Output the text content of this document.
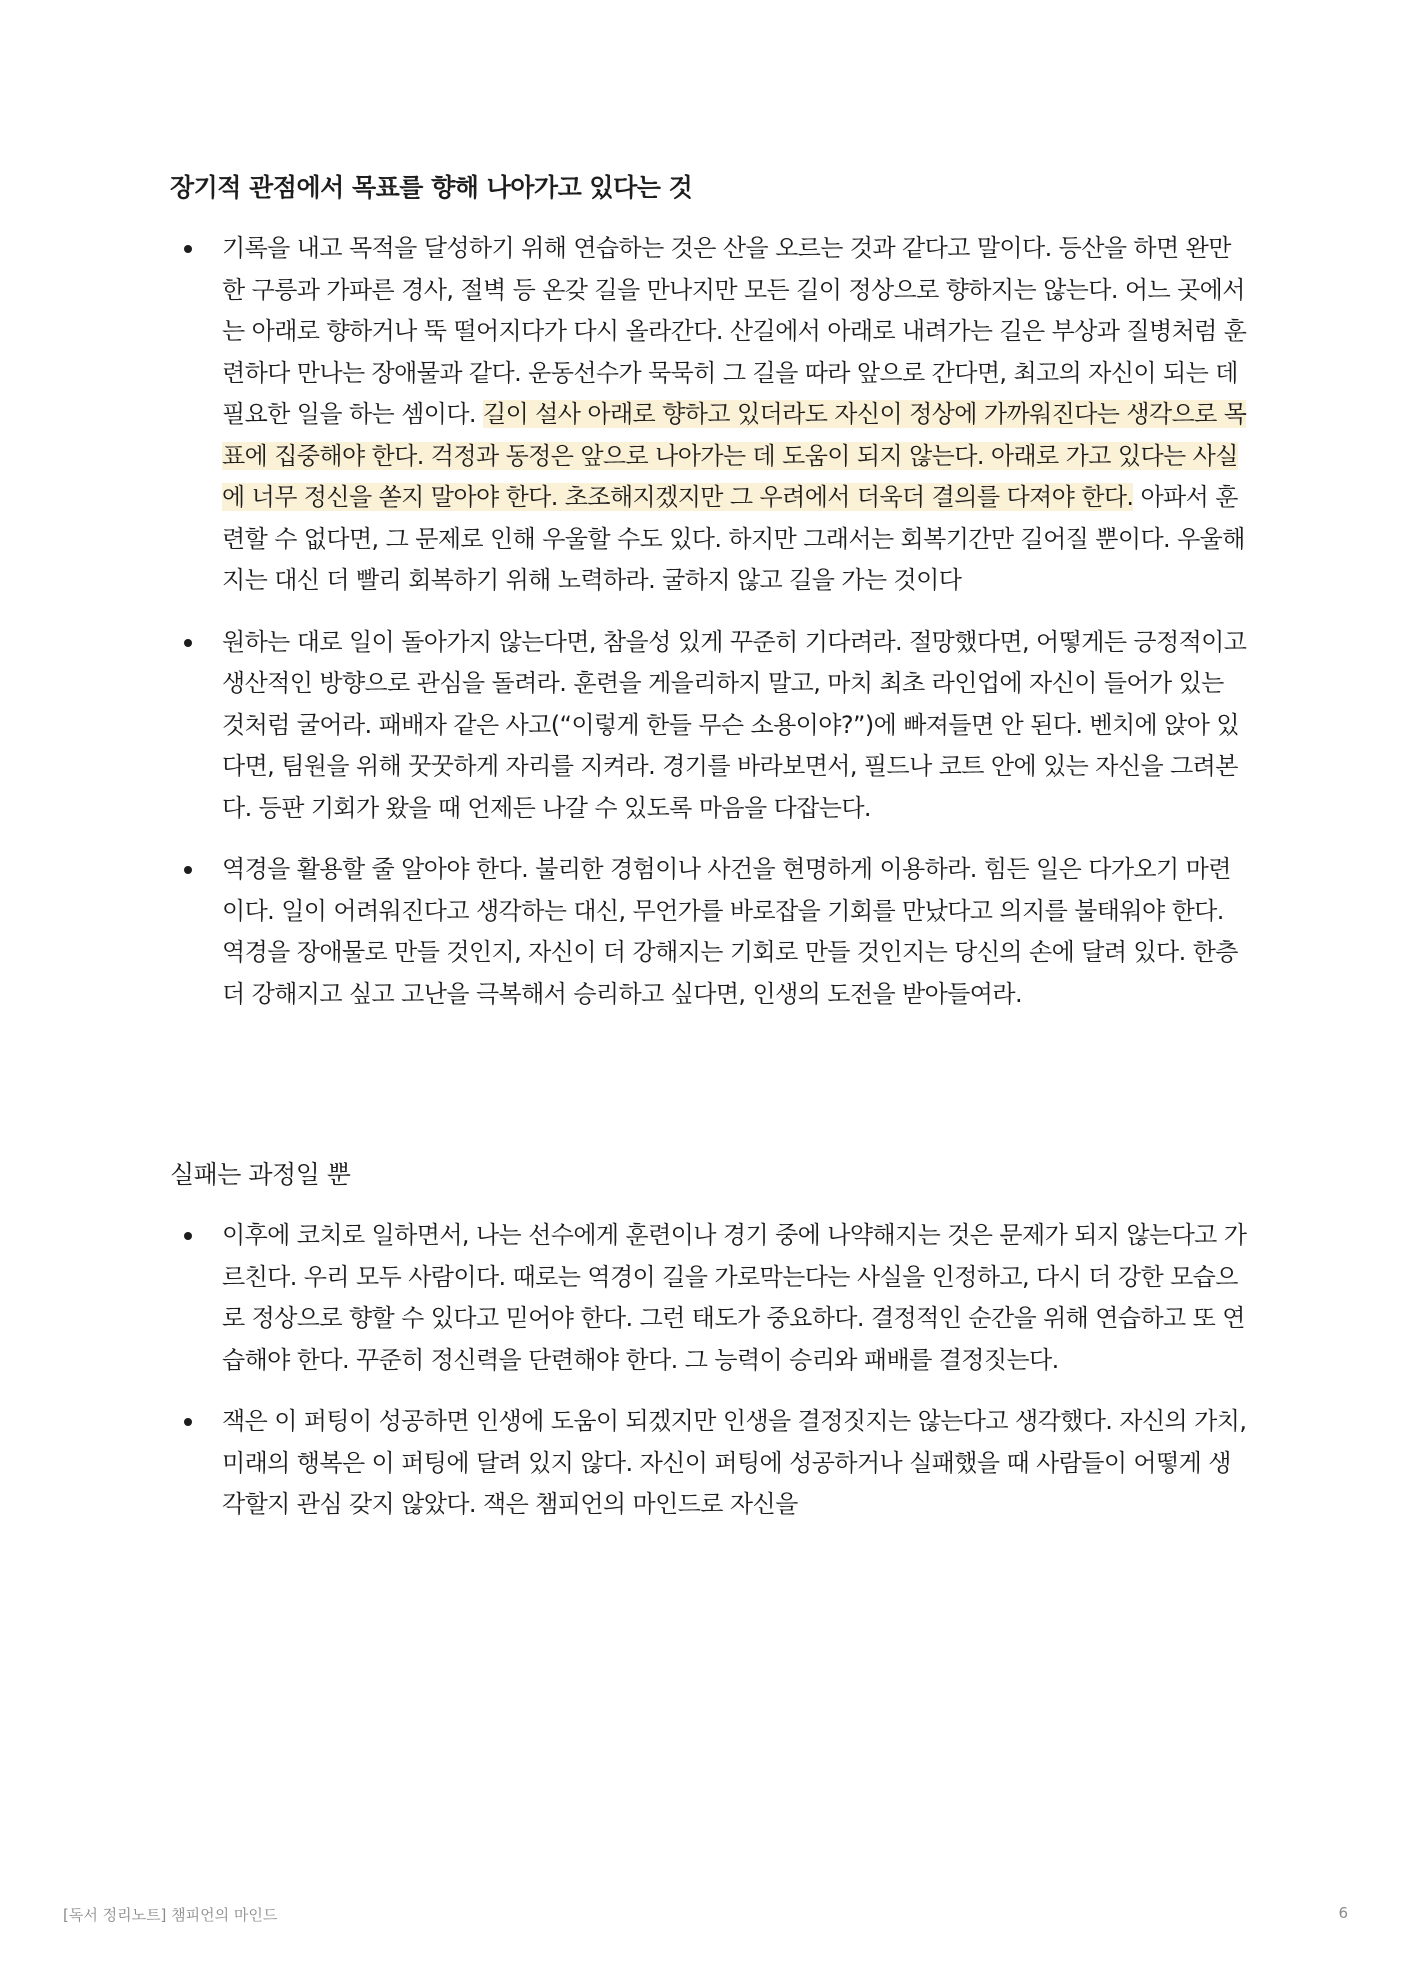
장기적 관점에서 목표를 향해 나아가고 있다는 것
기록을 내고 목적을 달성하기 위해 연습하는 것은 산을 오르는 것과 같다고 말이다. 등산을 하면 완만한 구릉과 가파른 경사, 절벽 등 온갖 길을 만나지만 모든 길이 정상으로 향하지는 않는다. 어느 곳에서는 아래로 향하거나 뚝 떨어지다가 다시 올라간다. 산길에서 아래로 내려가는 길은 부상과 질병처럼 훈련하다 만나는 장애물과 같다. 운동선수가 묵묵히 그 길을 따라 앞으로 간다면, 최고의 자신이 되는 데 필요한 일을 하는 셈이다. 길이 설사 아래로 향하고 있더라도 자신이 정상에 가까워진다는 생각으로 목표에 집중해야 한다. 걱정과 동정은 앞으로 나아가는 데 도움이 되지 않는다. 아래로 가고 있다는 사실에 너무 정신을 쏟지 말아야 한다. 초조해지겠지만 그 우려에서 더욱더 결의를 다져야 한다. 아파서 훈련할 수 없다면, 그 문제로 인해 우울할 수도 있다. 하지만 그래서는 회복기간만 길어질 뿐이다. 우울해지는 대신 더 빨리 회복하기 위해 노력하라. 굴하지 않고 길을 가는 것이다
원하는 대로 일이 돌아가지 않는다면, 참을성 있게 꾸준히 기다려라. 절망했다면, 어떻게든 긍정적이고 생산적인 방향으로 관심을 돌려라. 훈련을 게을리하지 말고, 마치 최초 라인업에 자신이 들어가 있는 것처럼 굴어라. 패배자 같은 사고(“이렇게 한들 무슨 소용이야?”)에 빠져들면 안 된다. 벤치에 앉아 있다면, 팀원을 위해 꿋꿋하게 자리를 지켜라. 경기를 바라보면서, 필드나 코트 안에 있는 자신을 그려본다. 등판 기회가 왔을 때 언제든 나갈 수 있도록 마음을 다잡는다.
역경을 활용할 줄 알아야 한다. 불리한 경험이나 사건을 현명하게 이용하라. 힘든 일은 다가오기 마련이다. 일이 어려워진다고 생각하는 대신, 무언가를 바로잡을 기회를 만났다고 의지를 불태워야 한다. 역경을 장애물로 만들 것인지, 자신이 더 강해지는 기회로 만들 것인지는 당신의 손에 달려 있다. 한층 더 강해지고 싶고 고난을 극복해서 승리하고 싶다면, 인생의 도전을 받아들여라.
실패는 과정일 뿐
이후에 코치로 일하면서, 나는 선수에게 훈련이나 경기 중에 나약해지는 것은 문제가 되지 않는다고 가르친다. 우리 모두 사람이다. 때로는 역경이 길을 가로막는다는 사실을 인정하고, 다시 더 강한 모습으로 정상으로 향할 수 있다고 믿어야 한다. 그런 태도가 중요하다. 결정적인 순간을 위해 연습하고 또 연습해야 한다. 꾸준히 정신력을 단련해야 한다. 그 능력이 승리와 패배를 결정짓는다.
잭은 이 퍼팅이 성공하면 인생에 도움이 되겠지만 인생을 결정짓지는 않는다고 생각했다. 자신의 가치, 미래의 행복은 이 퍼팅에 달려 있지 않다. 자신이 퍼팅에 성공하거나 실패했을 때 사람들이 어떻게 생각할지 관심 갖지 않았다. 잭은 챔피언의 마인드로 자신을
[독서 정리노트] 챔피언의 마인드	6
